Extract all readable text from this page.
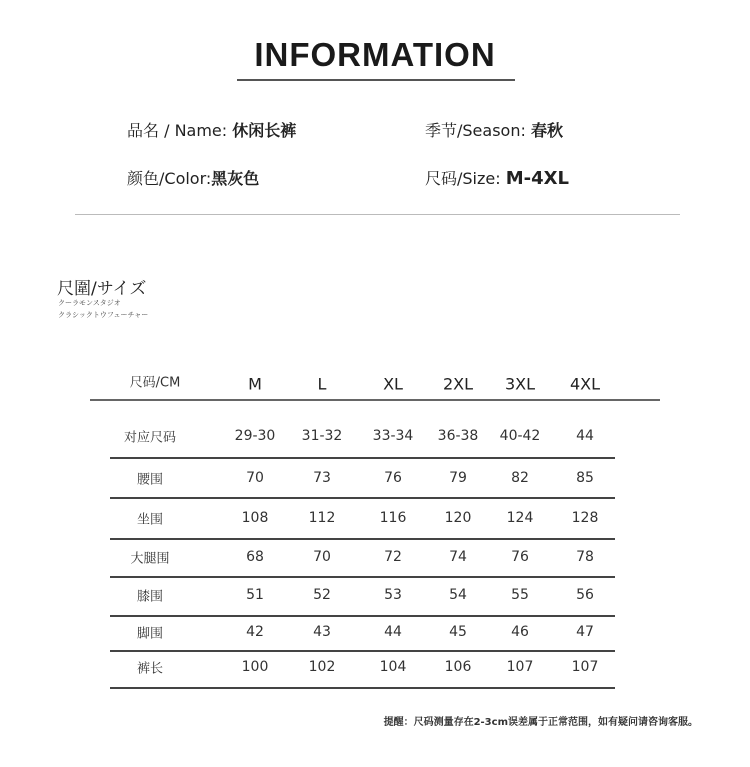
INFORMATION
品名 / Name: 休闲长裤	季节/Season: 春秋
颜色/Color:黑灰色	尺码/Size: M-4XL
尺圍/サイズ
クーラモンスタジオ
クラシックトウフューチャー
提醒：尺码测量存在2-3cm误差属于正常范围，如有疑问请咨询客服。
尺码/CM	M	L	XL	2XL 3XL 4XL
对应尺码	29-30 31-32 33-34 36-38 40-42	44
腰围	70	73	76	79	82	85
坐围	108	112	116	120	124	128
大腿围	68	70	72	74	76	78
膝围	51	52	53	54	55	56
脚围	42	43	44	45	46	47
裤长	100	102	104	106	107	107
